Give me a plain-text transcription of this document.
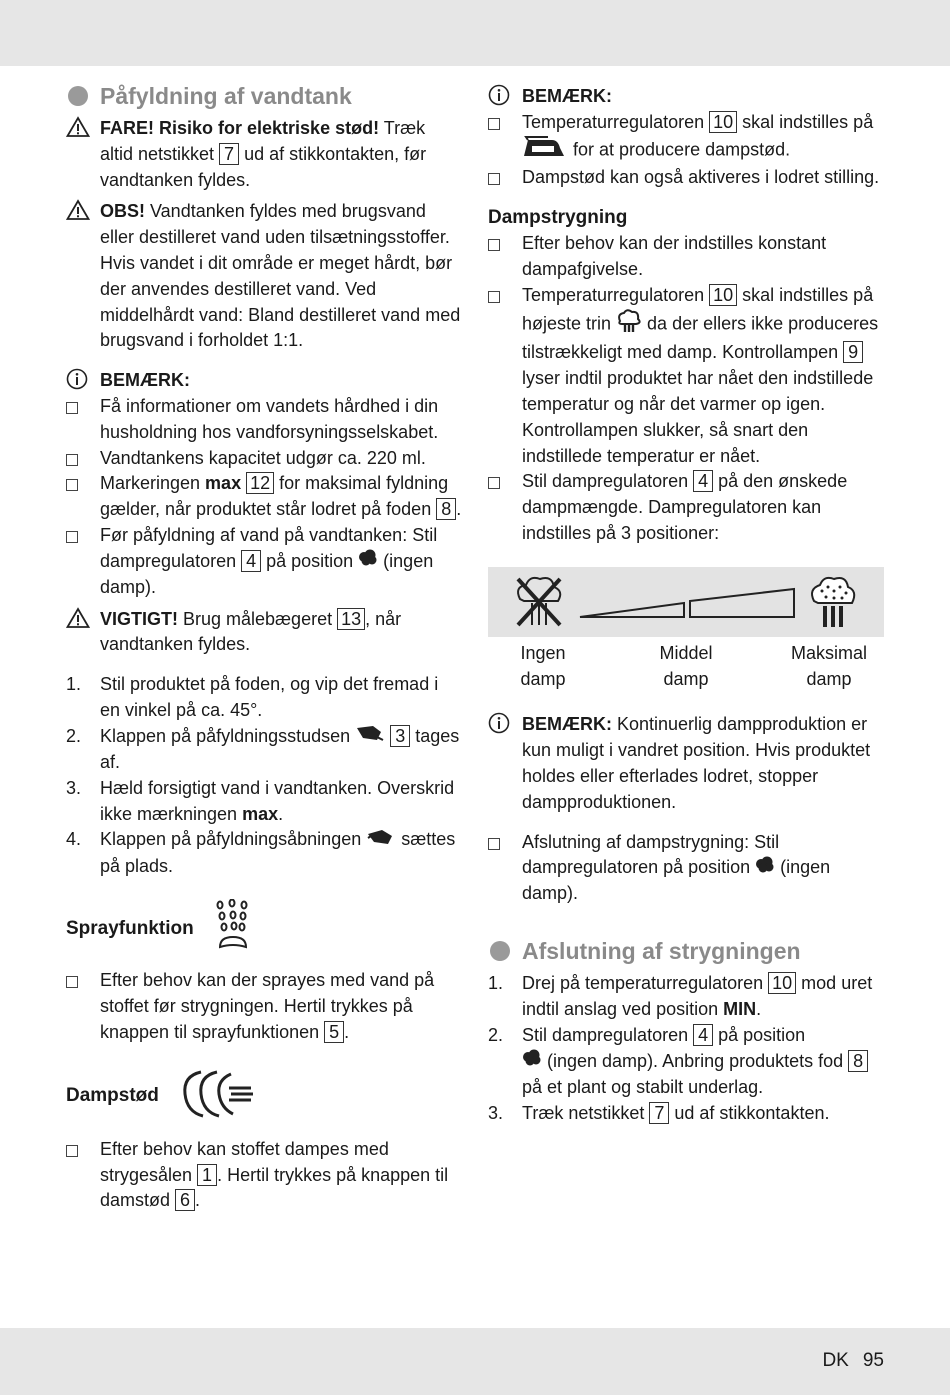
Påfyldning af vandtank

FARE! Risiko for elektriske stød! Træk altid netstikket 7 ud af stikkontakten, før vandtanken fyldes.

OBS! Vandtanken fyldes med brugsvand eller destilleret vand uden tilsætningsstoffer. Hvis vandet i dit område er meget hårdt, bør der anvendes destilleret vand. Ved middelhårdt vand: Bland destilleret vand med brugsvand i forholdet 1:1.

BEMÆRK:

Få informationer om vandets hårdhed i din husholdning hos vandforsyningsselskabet.

Vandtankens kapacitet udgør ca. 220 ml.

Markeringen max 12 for maksimal fyldning gælder, når produktet står lodret på foden 8 .

Før påfyldning af vand på vandtanken: Stil dampregulatoren 4 på position  (ingen damp).

VIGTIGT! Brug målebægeret 13 , når vandtanken fyldes.

1. Stil produktet på foden, og vip det fremad i en vinkel på ca. 45°.

2. Klappen på påfyldningsstudsen  3 tages af.

3. Hæld forsigtigt vand i vandtanken. Overskrid ikke mærkningen max.

4. Klappen på påfyldningsåbningen  sættes på plads.

Sprayfunktion

Efter behov kan der sprayes med vand på stoffet før strygningen. Hertil trykkes på knappen til sprayfunktionen 5 .

Dampstød

Efter behov kan stoffet dampes med strygesålen 1 . Hertil trykkes på knappen til damstød 6 .

BEMÆRK:

Temperaturregulatoren 10 skal indstilles på
for at producere dampstød.

Dampstød kan også aktiveres i lodret stilling.

Dampstrygning

Efter behov kan der indstilles konstant dampafgivelse.

Temperaturregulatoren 10 skal indstilles på højeste trin  da der ellers ikke produceres tilstrækkeligt med damp. Kontrollampen 9 lyser indtil produktet har nået den indstillede temperatur og når det varmer op igen. Kontrollampen slukker, så snart den indstillede temperatur er nået.

Stil dampregulatoren 4 på den ønskede dampmængde. Dampregulatoren kan indstilles på 3 positioner:

Ingen
damp
Middel
damp
Maksimal
damp

BEMÆRK: Kontinuerlig dampproduktion er kun muligt i vandret position. Hvis produktet holdes eller efterlades lodret, stopper dampproduktionen.

Afslutning af dampstrygning: Stil dampregulatoren på position  (ingen damp).

Afslutning af strygningen
1. Drej på temperaturregulatoren 10 mod uret indtil anslag ved position MIN.

2. Stil dampregulatoren 4 på position
(ingen damp). Anbring produktets fod 8 på et plant og stabilt underlag.

3. Træk netstikket 7 ud af stikkontakten.

DK 95
